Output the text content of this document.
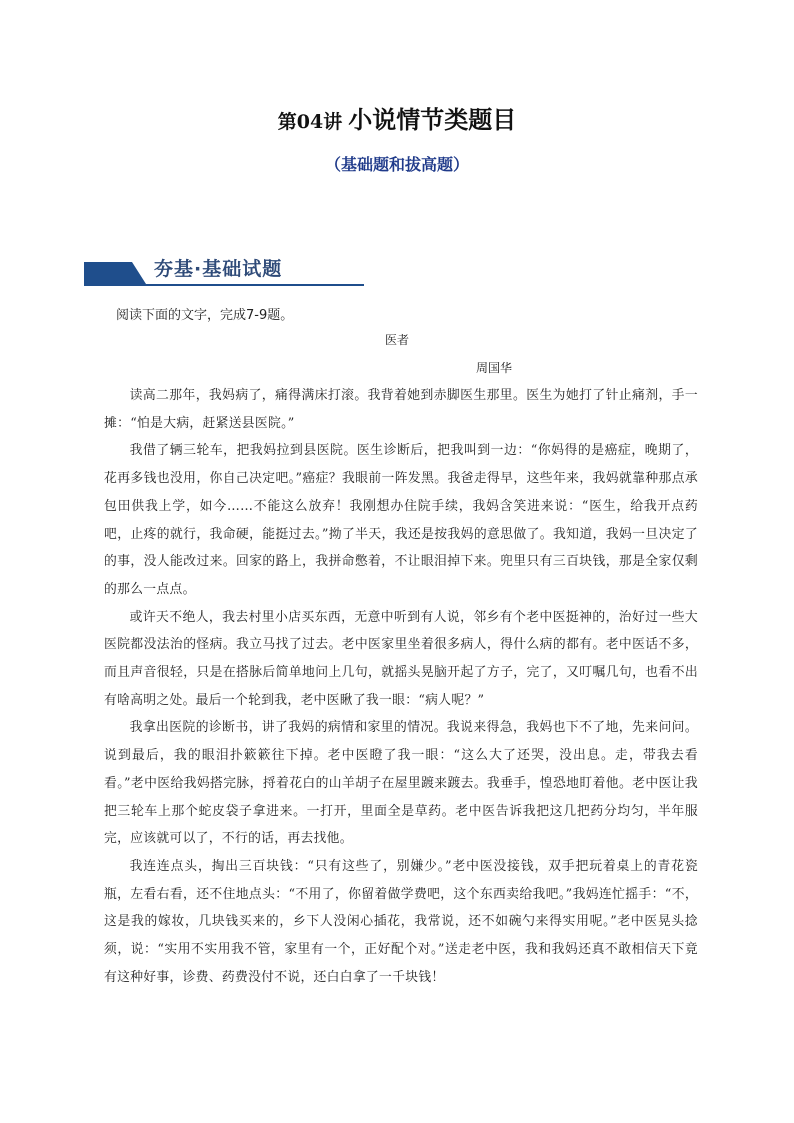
第04讲 小说情节类题目
（基础题和拔高题）
夯基·基础试题
阅读下面的文字，完成7-9题。
医者
周国华

读高二那年，我妈病了，痛得满床打滚。我背着她到赤脚医生那里。医生为她打了针止痛剂，手一摊：“怕是大病，赶紧送县医院。”

我借了辆三轮车，把我妈拉到县医院。医生诊断后，把我叫到一边：“你妈得的是癌症，晚期了，花再多钱也没用，你自己决定吧。”癌症？我眼前一阵发黑。我爸走得早，这些年来，我妈就靠种那点承包田供我上学，如今……不能这么放弃！我刚想办住院手续，我妈含笑进来说：“医生，给我开点药吧，止疼的就行，我命硬，能挺过去。”拗了半天，我还是按我妈的意思做了。我知道，我妈一旦决定了的事，没人能改过来。回家的路上，我拼命憋着，不让眼泪掉下来。兜里只有三百块钱，那是全家仅剩的那么一点点。

或许天不绝人，我去村里小店买东西，无意中听到有人说，邻乡有个老中医挺神的，治好过一些大医院都没法治的怪病。我立马找了过去。老中医家里坐着很多病人，得什么病的都有。老中医话不多，而且声音很轻，只是在搭脉后简单地问上几句，就摇头晃脑开起了方子，完了，又叮嘱几句，也看不出有啥高明之处。最后一个轮到我，老中医瞅了我一眼：“病人呢？”

我拿出医院的诊断书，讲了我妈的病情和家里的情况。我说来得急，我妈也下不了地，先来问问。说到最后，我的眼泪扑簌簌往下掉。老中医瞪了我一眼：“这么大了还哭，没出息。走，带我去看看。”老中医给我妈搭完脉，捋着花白的山羊胡子在屋里踱来踱去。我垂手，惶恐地盯着他。老中医让我把三轮车上那个蛇皮袋子拿进来。一打开，里面全是草药。老中医告诉我把这几把药分均匀，半年服完，应该就可以了，不行的话，再去找他。

我连连点头，掏出三百块钱：“只有这些了，别嫌少。”老中医没接钱，双手把玩着桌上的青花瓷瓶，左看右看，还不住地点头：“不用了，你留着做学费吧，这个东西卖给我吧。”我妈连忙摇手：“不，这是我的嫁妆，几块钱买来的，乡下人没闲心插花，我常说，还不如碗勺来得实用呢。”老中医晃头捻须，说：“实用不实用我不管，家里有一个，正好配个对。”送走老中医，我和我妈还真不敢相信天下竟有这种好事，诊费、药费没付不说，还白白拿了一千块钱！
